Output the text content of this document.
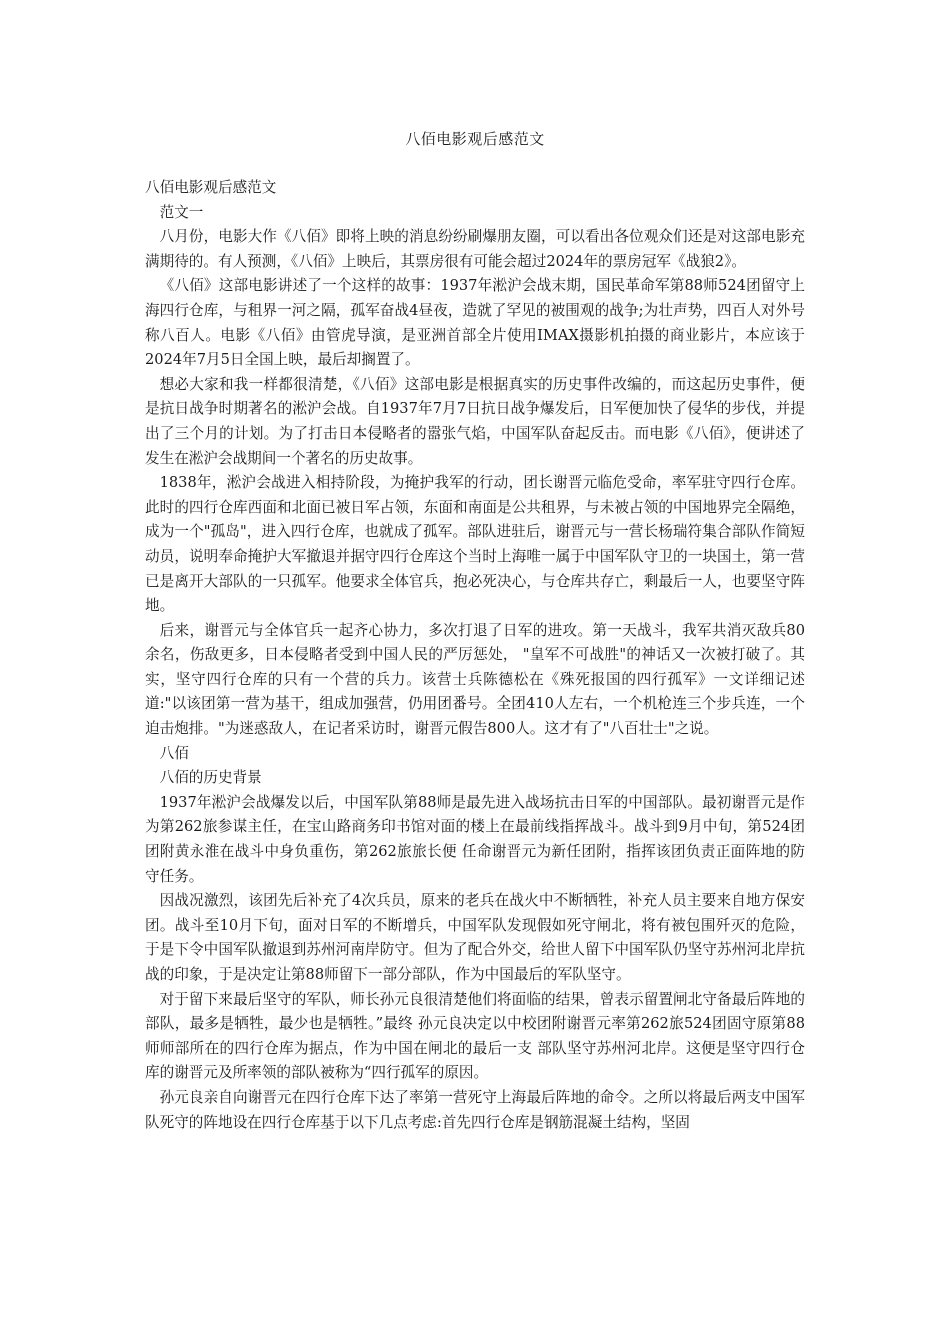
八佰电影观后感范文

八佰电影观后感范文

范文一

八月份，电影大作《八佰》即将上映的消息纷纷刷爆朋友圈，可以看出各位观众们还是对这部电影充满期待的。有人预测，《八佰》上映后，其票房很有可能会超过2024年的票房冠军《战狼2》。

《八佰》这部电影讲述了一个这样的故事：1937年淞沪会战末期，国民革命军第88师524团留守上海四行仓库，与租界一河之隔，孤军奋战4昼夜，造就了罕见的被围观的战争;为壮声势，四百人对外号称八百人。电影《八佰》由管虎导演，是亚洲首部全片使用IMAX摄影机拍摄的商业影片，本应该于2024年7月5日全国上映，最后却搁置了。

想必大家和我一样都很清楚，《八佰》这部电影是根据真实的历史事件改编的，而这起历史事件，便是抗日战争时期著名的淞沪会战。自1937年7月7日抗日战争爆发后，日军便加快了侵华的步伐，并提出了三个月的计划。为了打击日本侵略者的嚣张气焰，中国军队奋起反击。而电影《八佰》，便讲述了发生在淞沪会战期间一个著名的历史故事。

1838年，淞沪会战进入相持阶段，为掩护我军的行动，团长谢晋元临危受命，率军驻守四行仓库。此时的四行仓库西面和北面已被日军占领，东面和南面是公共租界，与未被占领的中国地界完全隔绝，成为一个"孤岛"，进入四行仓库，也就成了孤军。部队进驻后，谢晋元与一营长杨瑞符集合部队作简短动员，说明奉命掩护大军撤退并据守四行仓库这个当时上海唯一属于中国军队守卫的一块国土，第一营已是离开大部队的一只孤军。他要求全体官兵，抱必死决心，与仓库共存亡，剩最后一人，也要坚守阵地。

后来，谢晋元与全体官兵一起齐心协力，多次打退了日军的进攻。第一天战斗，我军共消灭敌兵80余名，伤敌更多，日本侵略者受到中国人民的严厉惩处， "皇军不可战胜"的神话又一次被打破了。其实，坚守四行仓库的只有一个营的兵力。该营士兵陈德松在《殊死报国的四行孤军》一文详细记述道:"以该团第一营为基干，组成加强营，仍用团番号。全团410人左右，一个机枪连三个步兵连，一个迫击炮排。"为迷惑敌人，在记者采访时，谢晋元假告800人。这才有了"八百壮士"之说。

八佰

八佰的历史背景

1937年淞沪会战爆发以后，中国军队第88师是最先进入战场抗击日军的中国部队。最初谢晋元是作为第262旅参谋主任，在宝山路商务印书馆对面的楼上在最前线指挥战斗。战斗到9月中旬，第524团团附黄永淮在战斗中身负重伤，第262旅旅长便 任命谢晋元为新任团附，指挥该团负责正面阵地的防守任务。

因战况激烈，该团先后补充了4次兵员，原来的老兵在战火中不断牺牲，补充人员主要来自地方保安团。战斗至10月下旬，面对日军的不断增兵，中国军队发现假如死守闸北，将有被包围歼灭的危险，于是下令中国军队撤退到苏州河南岸防守。但为了配合外交，给世人留下中国军队仍坚守苏州河北岸抗战的印象，于是决定让第88师留下一部分部队，作为中国最后的军队坚守。

对于留下来最后坚守的军队，师长孙元良很清楚他们将面临的结果，曾表示留置闸北守备最后阵地的部队，最多是牺牲，最少也是牺牲。”最终 孙元良决定以中校团附谢晋元率第262旅524团固守原第88师师部所在的四行仓库为据点，作为中国在闸北的最后一支 部队坚守苏州河北岸。这便是坚守四行仓库的谢晋元及所率领的部队被称为“四行孤军的原因。

孙元良亲自向谢晋元在四行仓库下达了率第一营死守上海最后阵地的命令。之所以将最后两支中国军队死守的阵地设在四行仓库基于以下几点考虑:首先四行仓库是钢筋混凝土结构，坚固
